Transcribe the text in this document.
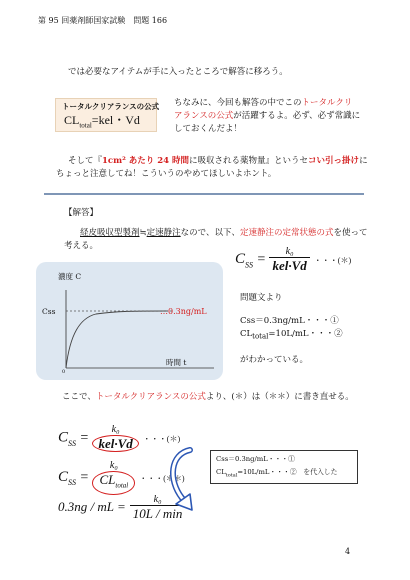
第 95 回薬剤師国家試験　問題 166
では必要なアイテムが手に入ったところで解答に移ろう。
トータルクリアランスの公式
$CL_{total}=kel$・Vd
ちなみに、今回も解答の中でこのトータルクリ
アランスの公式が活躍するよ。必ず、必ず常識に
しておくんだよ！
そして『1cm² あたり 24 時間に吸収される薬物量』というセコい引っ掛けに
ちょっと注意してね！こういうのやめてほしいよホント。
【解答】
経皮吸収型製剤≒定速静注なので、以下、定速静注の定常状態の式を使って
考える。
濃度 C
Css	…0.3ng/mL
時間 t
0
$C_{SS} = \frac{\text{k₀}}{\text{kel·Vd}}$ ・・・(＊)
問題文より
Css＝0.3ng/mL・・・①
$CL_{total}=10L/mL$・・・②
がわかっている。
ここで、トータルクリアランスの公式より、(＊）は（＊＊）に書き直せる。
$C_{SS} = \frac{\text{k₀}}{\text{kel·Vd}}$ ・・・(＊)
$C_{SS} = \frac{\text{k₀}}{CL_{total}}$ ・・・(＊＊)
0.3ng / mL = $\frac{\text{k₀}}{10L / \min}$
Css＝0.3ng/mL・・・①
$CL_{total}=10L/mL$・・・②　を代入した
4
